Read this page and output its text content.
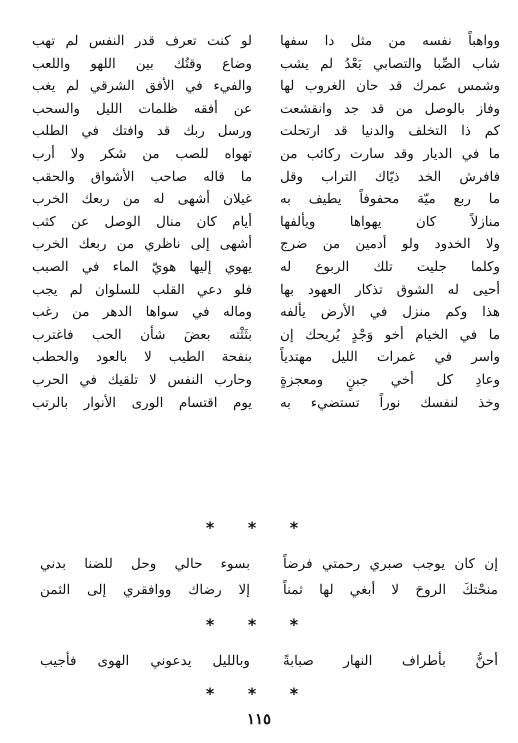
وواهباً نفسه من مثل دا سفها
لو كنت تعرف قدر النفس لم تهب
شاب الصِّبا والتصابي بَعْدُ لم يشب
وضاع وقتُك بين اللهو واللعب
وشمس عمرك قد حان الغروب لها
والفيء في الأفق الشرقي لم يغب
وفاز بالوصل من قد جد وانقشعت
عن أفقه ظلمات الليل والسحب
كم ذا التخلف والدنيا قد ارتحلت
ورسل ربك قد وافتك في الطلب
ما في الديار وقد سارت ركائب من
تهواه للصب من شكر ولا أرب
فافرش الخد ذيّاك التراب وقل
ما قاله صاحب الأشواق والحقب
ما ربع ميّة محفوفاً يطيف به
غيلان أشهى له من ربعك الخرب
منازلاً كان يهواها ويألفها
أيام كان منال الوصل عن كثب
ولا الخدود ولو أدمين من ضرج
أشهى إلى ناظري من ربعك الخرب
وكلما جليت تلك الربوع له
يهوي إليها هويّ الماء في الصبب
أحيى له الشوق تذكار العهود بها
فلو دعي القلب للسلوان لم يجب
هذا وكم منزل في الأرض يألفه
وماله في سواها الدهر من رغب
ما في الخيام أخو وَجْدٍ يُريحك إن
بثَثْته بعضَ شأن الحب فاغترب
واسر في غمرات الليل مهتدياً
بنفحة الطيب لا بالعود والحطب
وعادِ كل أخي جبنٍ ومعجزةٍ
وحارب النفس لا تلقيك في الحرب
وخذ لنفسك نوراً تستضيء به
يوم اقتسام الورى الأنوار بالرتب
* * *
إن كان يوجب صبري رحمتي فرضاً
بسوء حالي وحل للضنا بدني
منحْتكَ الروحَ لا أبغي لها ثمناً
إلا رضاك ووافقري إلى الثمن
* * *
أحنُّ بأطراف النهار صبابةً
وبالليل يدعوني الهوى فأجيب
* * *
١١٥
